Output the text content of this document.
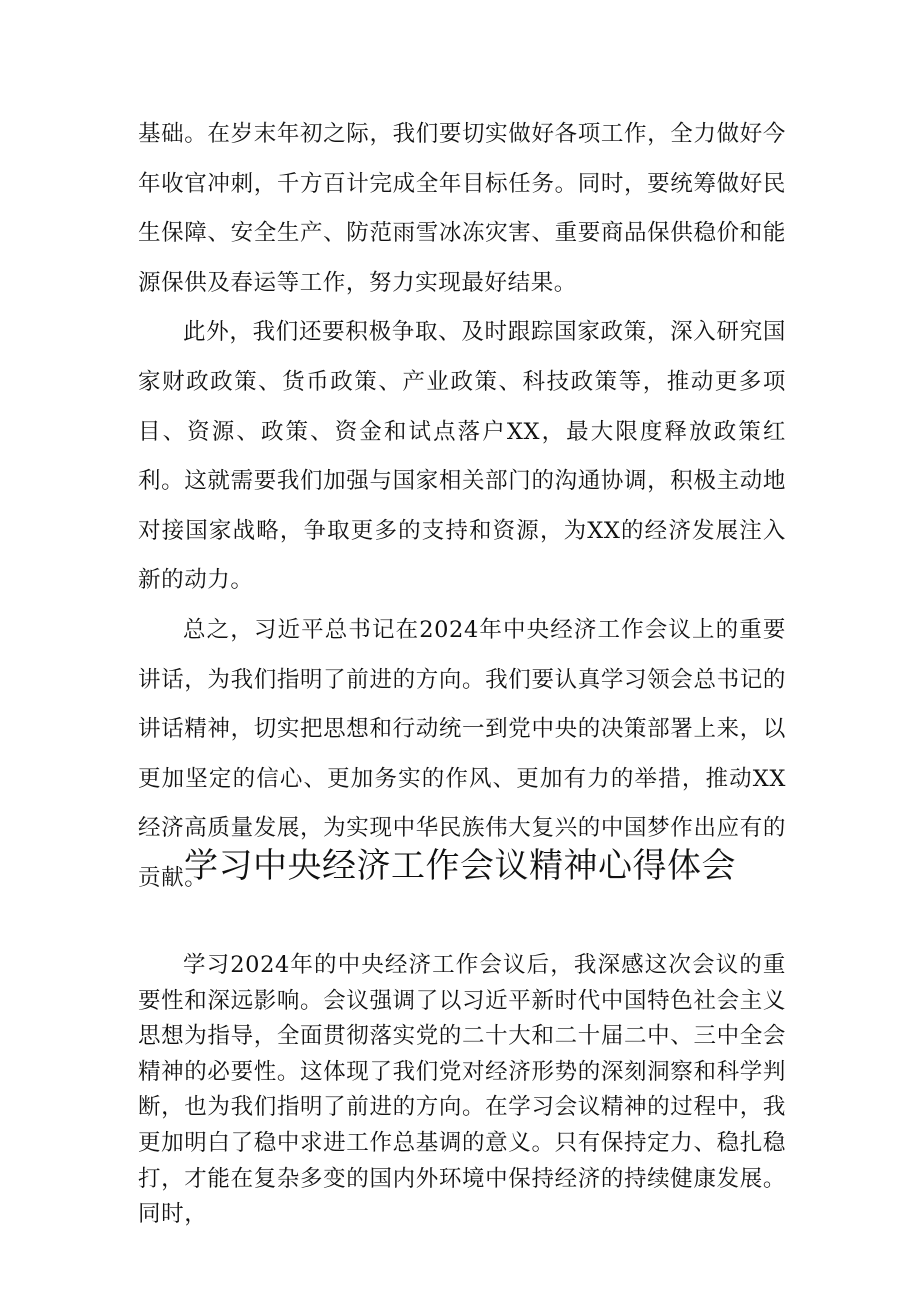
基础。在岁末年初之际，我们要切实做好各项工作，全力做好今年收官冲刺，千方百计完成全年目标任务。同时，要统筹做好民生保障、安全生产、防范雨雪冰冻灾害、重要商品保供稳价和能源保供及春运等工作，努力实现最好结果。

此外，我们还要积极争取、及时跟踪国家政策，深入研究国家财政政策、货币政策、产业政策、科技政策等，推动更多项目、资源、政策、资金和试点落户XX，最大限度释放政策红利。这就需要我们加强与国家相关部门的沟通协调，积极主动地对接国家战略，争取更多的支持和资源，为XX的经济发展注入新的动力。

总之，习近平总书记在2024年中央经济工作会议上的重要讲话，为我们指明了前进的方向。我们要认真学习领会总书记的讲话精神，切实把思想和行动统一到党中央的决策部署上来，以更加坚定的信心、更加务实的作风、更加有力的举措，推动XX经济高质量发展，为实现中华民族伟大复兴的中国梦作出应有的贡献。

学习中央经济工作会议精神心得体会

学习2024年的中央经济工作会议后，我深感这次会议的重要性和深远影响。会议强调了以习近平新时代中国特色社会主义思想为指导，全面贯彻落实党的二十大和二十届二中、三中全会精神的必要性。这体现了我们党对经济形势的深刻洞察和科学判断，也为我们指明了前进的方向。在学习会议精神的过程中，我更加明白了稳中求进工作总基调的意义。只有保持定力、稳扎稳打，才能在复杂多变的国内外环境中保持经济的持续健康发展。同时，
